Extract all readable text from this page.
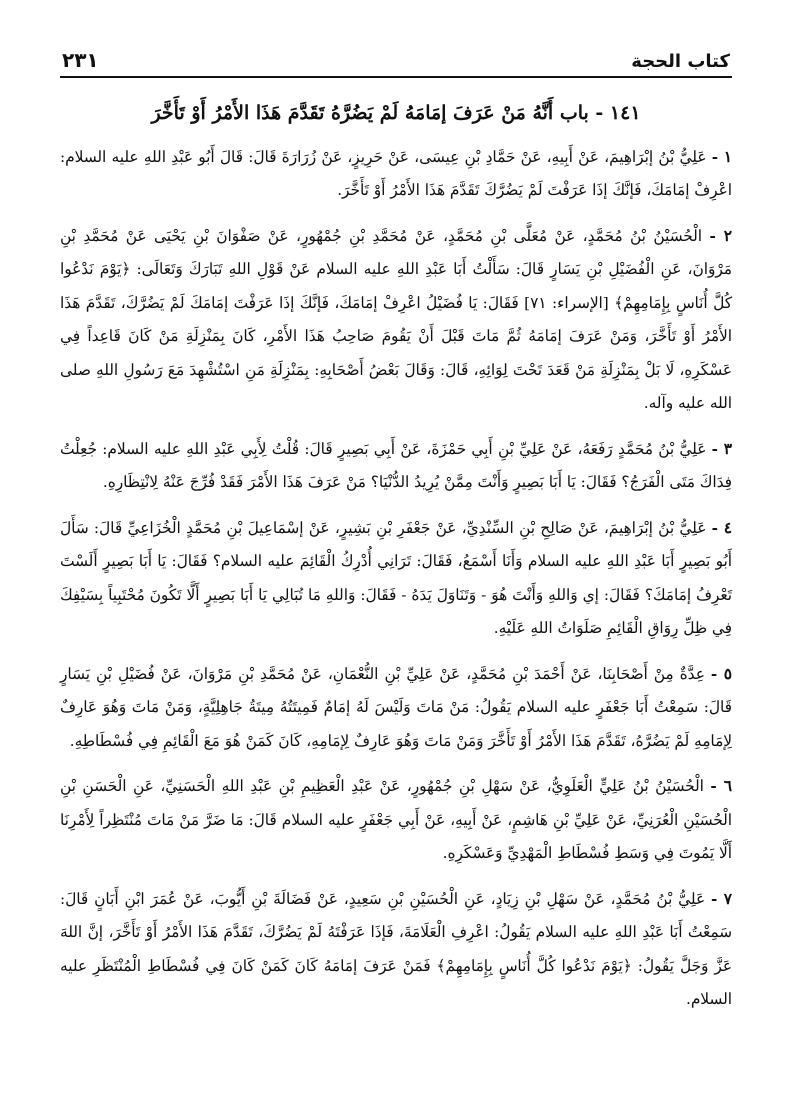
كتاب الحجة
٢٣١
١٤١ - باب أَنَّهُ مَنْ عَرَفَ إمَامَهُ لَمْ يَضُرَّهُ تَقَدَّمَ هَذَا الأَمْرُ أَوْ تَأَخَّرَ

١ - عَلِيُّ بْنُ إبْرَاهِيمَ، عَنْ أَبِيهِ، عَنْ حَمَّادِ بْنِ عِيسَى، عَنْ حَرِيزٍ، عَنْ زُرَارَةَ قَالَ: قَالَ أَبُو عَبْدِ اللهِ عليه السلام: اعْرِفْ إمَامَكَ، فَإنَّكَ إذَا عَرَفْتَ لَمْ يَضُرَّكَ تَقَدَّمَ هَذَا الأَمْرُ أَوْ تَأَخَّرَ.

٢ - الْحُسَيْنُ بْنُ مُحَمَّدٍ، عَنْ مُعَلَّى بْنِ مُحَمَّدٍ، عَنْ مُحَمَّدِ بْنِ جُمْهُورٍ، عَنْ صَفْوَانَ بْنِ يَحْيَى عَنْ مُحَمَّدِ بْنِ مَرْوَانَ، عَنِ الْفُضَيْلِ بْنِ يَسَارٍ قَالَ: سَأَلْتُ أَبَا عَبْدِ اللهِ عليه السلام عَنْ قَوْلِ اللهِ تَبَارَكَ وَتَعَالَى: ﴿يَوْمَ نَدْعُوا كُلَّ أُنَاسٍ بِإِمَامِهِمْ﴾ [الإسراء: ٧١] فَقَالَ: يَا فُضَيْلُ اعْرِفْ إمَامَكَ، فَإنَّكَ إذَا عَرَفْتَ إمَامَكَ لَمْ يَضُرَّكَ، تَقَدَّمَ هَذَا الأَمْرُ أَوْ تَأَخَّرَ، وَمَنْ عَرَفَ إمَامَهُ ثُمَّ مَاتَ قَبْلَ أَنْ يَقُومَ صَاحِبُ هَذَا الأَمْرِ، كَانَ بِمَنْزِلَةِ مَنْ كَانَ قَاعِداً فِي عَسْكَرِهِ، لَا بَلْ بِمَنْزِلَةِ مَنْ قَعَدَ تَحْتَ لِوَائِهِ، قَالَ: وَقَالَ بَعْضُ أَصْحَابِهِ: بِمَنْزِلَةِ مَنِ اسْتُشْهِدَ مَعَ رَسُولِ اللهِ صلى الله عليه وآله.

٣ - عَلِيُّ بْنُ مُحَمَّدٍ رَفَعَهُ، عَنْ عَلِيِّ بْنِ أَبِي حَمْزَةَ، عَنْ أَبِي بَصِيرٍ قَالَ: قُلْتُ لِأَبِي عَبْدِ اللهِ عليه السلام: جُعِلْتُ فِدَاكَ مَتَى الْفَرَجُ؟ فَقَالَ: يَا أَبَا بَصِيرٍ وَأَنْتَ مِمَّنْ يُرِيدُ الدُّنْيَا؟ مَنْ عَرَفَ هَذَا الأَمْرَ فَقَدْ فُرِّجَ عَنْهُ لِانْتِظَارِهِ.

٤ - عَلِيُّ بْنُ إبْرَاهِيمَ، عَنْ صَالِحِ بْنِ السِّنْدِيِّ، عَنْ جَعْفَرِ بْنِ بَشِيرٍ، عَنْ إسْمَاعِيلَ بْنِ مُحَمَّدٍ الْخُزَاعِيِّ قَالَ: سَأَلَ أَبُو بَصِيرٍ أَبَا عَبْدِ اللهِ عليه السلام وَأَنَا أَسْمَعُ، فَقَالَ: تَرَانِي أُدْرِكُ الْقَائِمَ عليه السلام؟ فَقَالَ: يَا أَبَا بَصِيرٍ أَلَسْتَ تَعْرِفُ إمَامَكَ؟ فَقَالَ: إي وَاللهِ وَأَنْتَ هُوَ - وَتَنَاوَلَ يَدَهُ - فَقَالَ: وَاللهِ مَا تُبَالِي يَا أَبَا بَصِيرٍ أَلَّا تَكُونَ مُحْتَبِياً بِسَيْفِكَ فِي ظِلِّ رِوَاقِ الْقَائِمِ صَلَوَاتُ اللهِ عَلَيْهِ.

٥ - عِدَّةٌ مِنْ أَصْحَابِنَا، عَنْ أَحْمَدَ بْنِ مُحَمَّدٍ، عَنْ عَلِيِّ بْنِ النُّعْمَانِ، عَنْ مُحَمَّدِ بْنِ مَرْوَانَ، عَنْ فُضَيْلِ بْنِ يَسَارٍ قَالَ: سَمِعْتُ أَبَا جَعْفَرٍ عليه السلام يَقُولُ: مَنْ مَاتَ وَلَيْسَ لَهُ إمَامٌ فَمِيتَتُهُ مِيتَةُ جَاهِلِيَّةٍ، وَمَنْ مَاتَ وَهُوَ عَارِفٌ لِإمَامِهِ لَمْ يَضُرَّهُ، تَقَدَّمَ هَذَا الأَمْرُ أَوْ تَأَخَّرَ وَمَنْ مَاتَ وَهُوَ عَارِفٌ لِإمَامِهِ، كَانَ كَمَنْ هُوَ مَعَ الْقَائِمِ فِي فُسْطَاطِهِ.

٦ - الْحُسَيْنُ بْنُ عَلِيٍّ الْعَلَوِيُّ، عَنْ سَهْلِ بْنِ جُمْهُورٍ، عَنْ عَبْدِ الْعَظِيمِ بْنِ عَبْدِ اللهِ الْحَسَنِيِّ، عَنِ الْحَسَنِ بْنِ الْحُسَيْنِ الْعُرَنِيِّ، عَنْ عَلِيِّ بْنِ هَاشِمٍ، عَنْ أَبِيهِ، عَنْ أَبِي جَعْفَرٍ عليه السلام قَالَ: مَا ضَرَّ مَنْ مَاتَ مُنْتَظِراً لِأَمْرِنَا أَلَّا يَمُوتَ فِي وَسَطِ فُسْطَاطِ الْمَهْدِيِّ وَعَسْكَرِهِ.

٧ - عَلِيُّ بْنُ مُحَمَّدٍ، عَنْ سَهْلِ بْنِ زِيَادٍ، عَنِ الْحُسَيْنِ بْنِ سَعِيدٍ، عَنْ فَضَالَةَ بْنِ أَيُّوبَ، عَنْ عُمَرَ ابْنِ أَبَانٍ قَالَ: سَمِعْتُ أَبَا عَبْدِ اللهِ عليه السلام يَقُولُ: اعْرِفِ الْعَلَامَةَ، فَإذَا عَرَفْتَهُ لَمْ يَضُرَّكَ، تَقَدَّمَ هَذَا الأَمْرُ أَوْ تَأَخَّرَ، إنَّ اللهَ عَزَّ وَجَلَّ يَقُولُ: ﴿يَوْمَ نَدْعُوا كُلَّ أُنَاسٍ بِإِمَامِهِمْ﴾ فَمَنْ عَرَفَ إمَامَهُ كَانَ كَمَنْ كَانَ فِي فُسْطَاطِ الْمُنْتَظَرِ عليه السلام.
